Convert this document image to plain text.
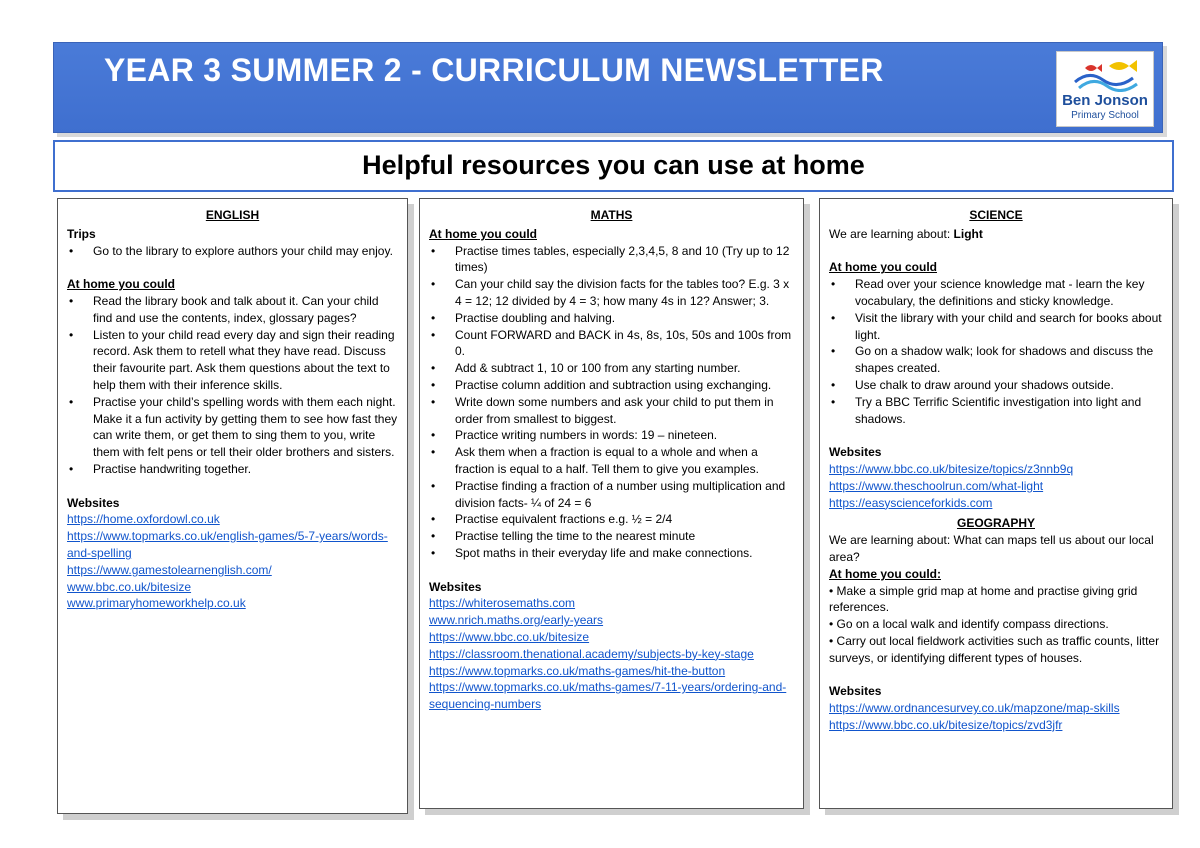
Ben Jonson
Primary School
YEAR 3 SUMMER 2 - CURRICULUM NEWSLETTER
Helpful resources you can use at home
ENGLISH
Trips
• Go to the library to explore authors your child may enjoy.
At home you could
• Read the library book and talk about it. Can your child find and use the contents, index, glossary pages?
• Listen to your child read every day and sign their reading record. Ask them to retell what they have read. Discuss their favourite part. Ask them questions about the text to help them with their inference skills.
• Practise your child’s spelling words with them each night. Make it a fun activity by getting them to see how fast they can write them, or get them to sing them to you, write them with felt pens or tell their older brothers and sisters.
• Practise handwriting together.
Websites
https://home.oxfordowl.co.uk
https://www.topmarks.co.uk/english-games/5-7-years/words-and-spelling
https://www.gamestolearnenglish.com/
www.bbc.co.uk/bitesize
www.primaryhomeworkhelp.co.uk
MATHS
At home you could
• Practise times tables, especially 2,3,4,5, 8 and 10 (Try up to 12 times)
• Can your child say the division facts for the tables too? E.g. 3 x 4 = 12; 12 divided by 4 = 3; how many 4s in 12? Answer; 3.
• Practise doubling and halving.
• Count FORWARD and BACK in 4s, 8s, 10s, 50s and 100s from 0.
• Add & subtract 1, 10 or 100 from any starting number.
• Practise column addition and subtraction using exchanging.
• Write down some numbers and ask your child to put them in order from smallest to biggest.
• Practice writing numbers in words: 19 – nineteen.
• Ask them when a fraction is equal to a whole and when a fraction is equal to a half. Tell them to give you examples.
• Practise finding a fraction of a number using multiplication and division facts- ¼ of 24 = 6
• Practise equivalent fractions e.g. ½ = 2/4
• Practise telling the time to the nearest minute
• Spot maths in their everyday life and make connections.
Websites
https://whiterosemaths.com
www.nrich.maths.org/early-years
https://www.bbc.co.uk/bitesize
https://classroom.thenational.academy/subjects-by-key-stage
https://www.topmarks.co.uk/maths-games/hit-the-button
https://www.topmarks.co.uk/maths-games/7-11-years/ordering-and-sequencing-numbers
SCIENCE
We are learning about: Light
At home you could
• Read over your science knowledge mat - learn the key vocabulary, the definitions and sticky knowledge.
• Visit the library with your child and search for books about light.
• Go on a shadow walk; look for shadows and discuss the shapes created.
• Use chalk to draw around your shadows outside.
• Try a BBC Terrific Scientific investigation into light and shadows.
Websites
https://www.bbc.co.uk/bitesize/topics/z3nnb9q
https://www.theschoolrun.com/what-light
https://easyscienceforkids.com
GEOGRAPHY
We are learning about: What can maps tell us about our local area?
At home you could:
• Make a simple grid map at home and practise giving grid references.
• Go on a local walk and identify compass directions.
• Carry out local fieldwork activities such as traffic counts, litter surveys, or identifying different types of houses.
Websites
https://www.ordnancesurvey.co.uk/mapzone/map-skills
https://www.bbc.co.uk/bitesize/topics/zvd3jfr
